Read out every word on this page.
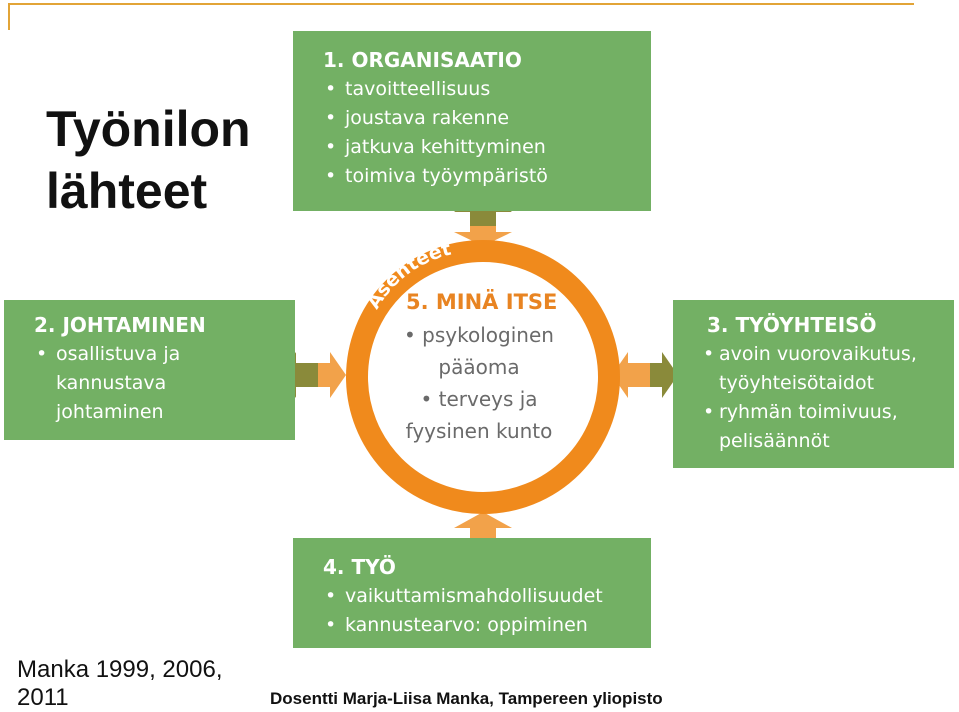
Työnilon
lähteet
Asenteet
1. ORGANISAATIO
• tavoitteellisuus
• joustava rakenne
• jatkuva kehittyminen
• toimiva työympäristö
2. JOHTAMINEN
• osallistuva ja kannustava johtaminen
3. TYÖYHTEISÖ
• avoin vuorovaikutus, työyhteisötaidot
• ryhmän toimivuus, pelisäännöt
4. TYÖ
• vaikuttamismahdollisuudet
• kannustearvo: oppiminen
5. MINÄ ITSE
• psykologinen
pääoma
• terveys ja
fyysinen kunto
Manka 1999, 2006, 2011	Dosentti Marja-Liisa Manka, Tampereen yliopisto
